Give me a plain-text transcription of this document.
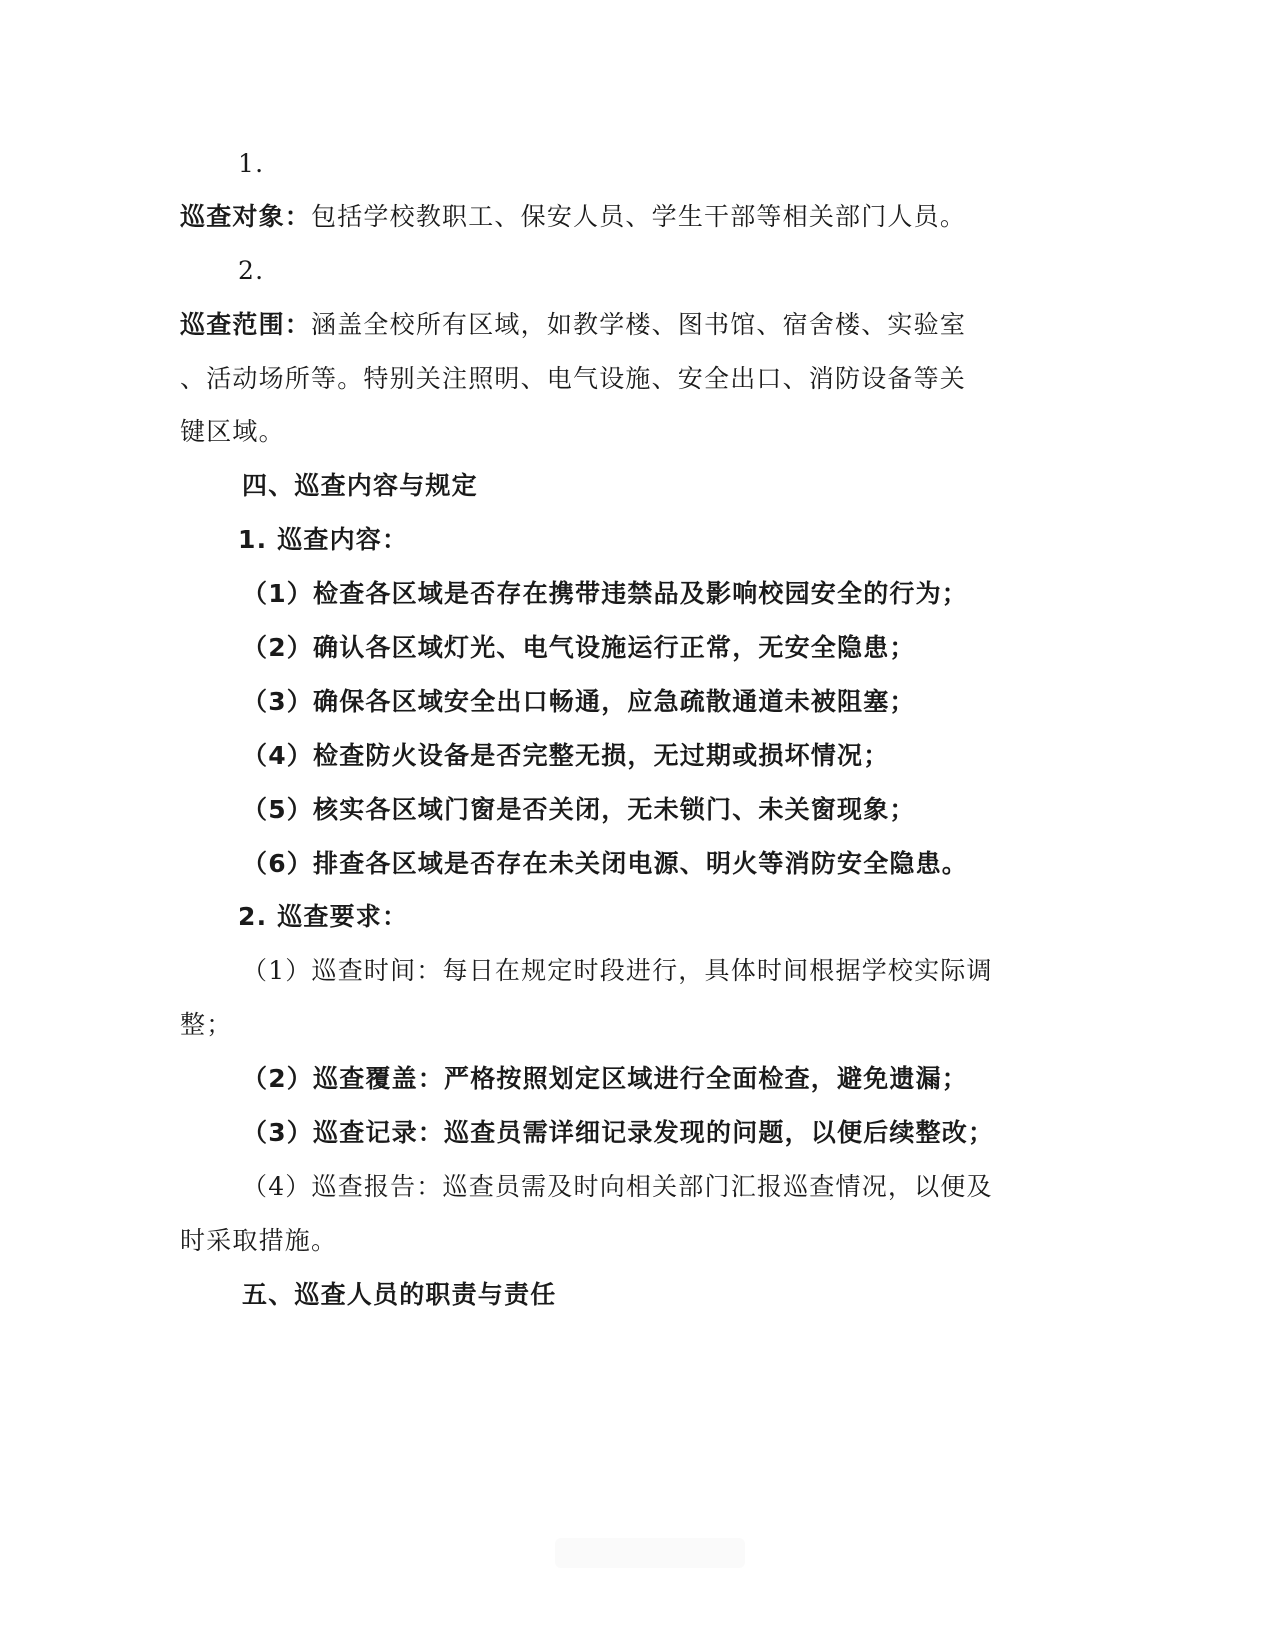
1.
巡查对象：包括学校教职工、保安人员、学生干部等相关部门人员。
2.
巡查范围：涵盖全校所有区域，如教学楼、图书馆、宿舍楼、实验室
、活动场所等。特别关注照明、电气设施、安全出口、消防设备等关
键区域。
四、巡查内容与规定
1. 巡查内容：
（1）检查各区域是否存在携带违禁品及影响校园安全的行为；
（2）确认各区域灯光、电气设施运行正常，无安全隐患；
（3）确保各区域安全出口畅通，应急疏散通道未被阻塞；
（4）检查防火设备是否完整无损，无过期或损坏情况；
（5）核实各区域门窗是否关闭，无未锁门、未关窗现象；
（6）排查各区域是否存在未关闭电源、明火等消防安全隐患。
2. 巡查要求：
（1）巡查时间：每日在规定时段进行，具体时间根据学校实际调
整；
（2）巡查覆盖：严格按照划定区域进行全面检查，避免遗漏；
（3）巡查记录：巡查员需详细记录发现的问题，以便后续整改；
（4）巡查报告：巡查员需及时向相关部门汇报巡查情况，以便及
时采取措施。
五、巡查人员的职责与责任
